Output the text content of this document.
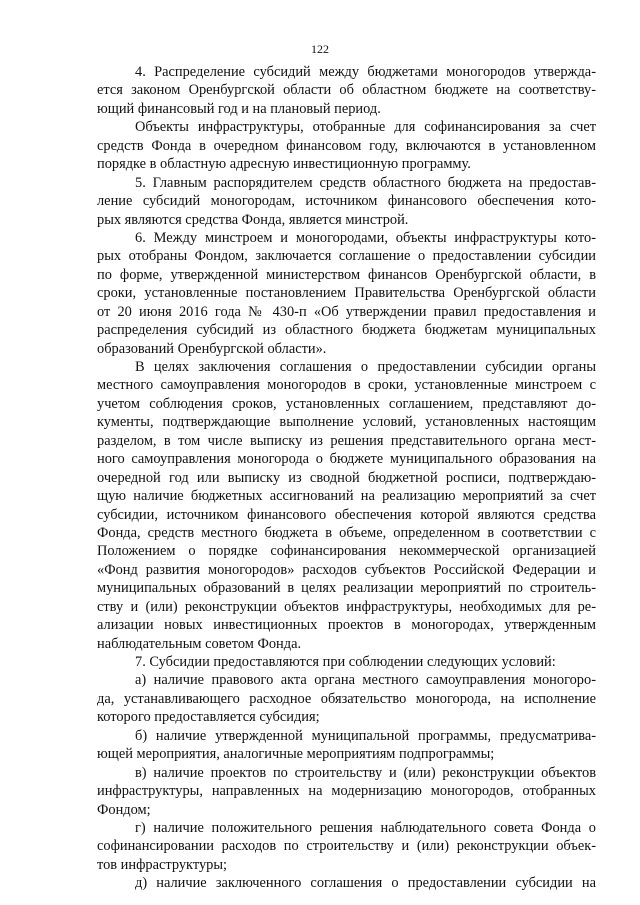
122
4. Распределение субсидий между бюджетами моногородов утвержда-
ется законом Оренбургской области об областном бюджете на соответству-
ющий финансовый год и на плановый период.
Объекты инфраструктуры, отобранные для софинансирования за счет
средств Фонда в очередном финансовом году, включаются в установленном
порядке в областную адресную инвестиционную программу.
5. Главным распорядителем средств областного бюджета на предостав-
ление субсидий моногородам, источником финансового обеспечения кото-
рых являются средства Фонда, является минстрой.
6. Между минстроем и моногородами, объекты инфраструктуры кото-
рых отобраны Фондом, заключается соглашение о предоставлении субсидии
по форме, утвержденной министерством финансов Оренбургской области, в
сроки, установленные постановлением Правительства Оренбургской области
от 20 июня 2016 года № 430-п «Об утверждении правил предоставления и
распределения субсидий из областного бюджета бюджетам муниципальных
образований Оренбургской области».
В целях заключения соглашения о предоставлении субсидии органы
местного самоуправления моногородов в сроки, установленные минстроем с
учетом соблюдения сроков, установленных соглашением, представляют до-
кументы, подтверждающие выполнение условий, установленных настоящим
разделом, в том числе выписку из решения представительного органа мест-
ного самоуправления моногорода о бюджете муниципального образования на
очередной год или выписку из сводной бюджетной росписи, подтверждаю-
щую наличие бюджетных ассигнований на реализацию мероприятий за счет
субсидии, источником финансового обеспечения которой являются средства
Фонда, средств местного бюджета в объеме, определенном в соответствии с
Положением о порядке софинансирования некоммерческой организацией
«Фонд развития моногородов» расходов субъектов Российской Федерации и
муниципальных образований в целях реализации мероприятий по строитель-
ству и (или) реконструкции объектов инфраструктуры, необходимых для ре-
ализации новых инвестиционных проектов в моногородах, утвержденным
наблюдательным советом Фонда.
7. Субсидии предоставляются при соблюдении следующих условий:
а) наличие правового акта органа местного самоуправления моногоро-
да, устанавливающего расходное обязательство моногорода, на исполнение
которого предоставляется субсидия;
б) наличие утвержденной муниципальной программы, предусматрива-
ющей мероприятия, аналогичные мероприятиям подпрограммы;
в) наличие проектов по строительству и (или) реконструкции объектов
инфраструктуры, направленных на модернизацию моногородов, отобранных
Фондом;
г) наличие положительного решения наблюдательного совета Фонда о
софинансировании расходов по строительству и (или) реконструкции объек-
тов инфраструктуры;
д) наличие заключенного соглашения о предоставлении субсидии на
